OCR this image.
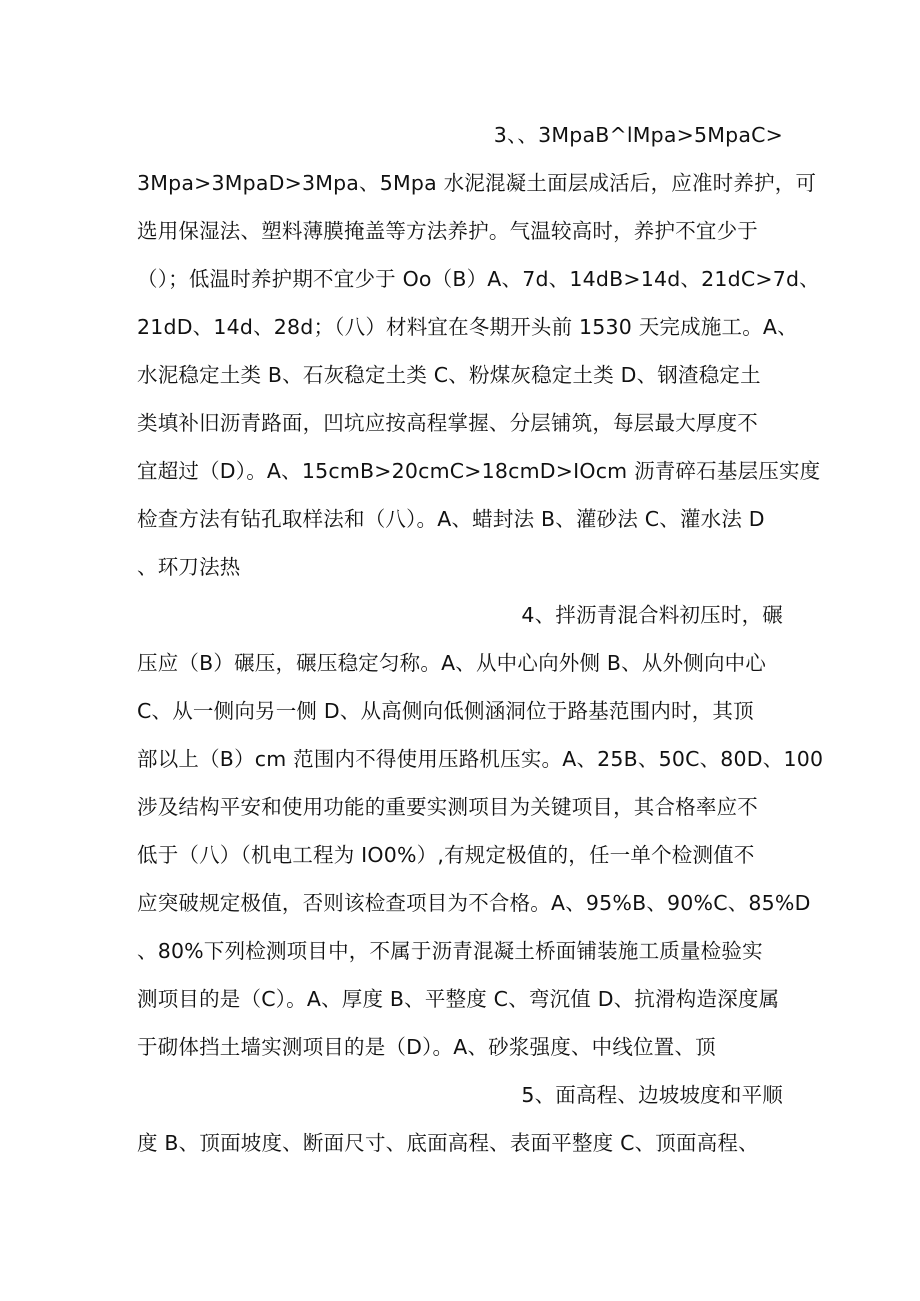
3、、3MpaB^lMpa>5MpaC>
3Mpa>3MpaD>3Mpa、5Mpa 水泥混凝土面层成活后，应准时养护，可
选用保湿法、塑料薄膜掩盖等方法养护。气温较高时，养护不宜少于
（）；低温时养护期不宜少于 Oo（B）A、7d、14dB>14d、21dC>7d、
21dD、14d、28d；（八）材料宜在冬期开头前 1530 天完成施工。A、
水泥稳定土类 B、石灰稳定土类 C、粉煤灰稳定土类 D、钢渣稳定土
类填补旧沥青路面，凹坑应按高程掌握、分层铺筑，每层最大厚度不
宜超过（D）。A、15cmB>20cmC>18cmD>IOcm 沥青碎石基层压实度
检查方法有钻孔取样法和（八）。A、蜡封法 B、灌砂法 C、灌水法 D
、环刀法热
4、拌沥青混合料初压时，碾
压应（B）碾压，碾压稳定匀称。A、从中心向外侧 B、从外侧向中心
C、从一侧向另一侧 D、从高侧向低侧涵洞位于路基范围内时，其顶
部以上（B）cm 范围内不得使用压路机压实。A、25B、50C、80D、100
涉及结构平安和使用功能的重要实测项目为关键项目，其合格率应不
低于（八）（机电工程为 IO0%）,有规定极值的，任一单个检测值不
应突破规定极值，否则该检查项目为不合格。A、95%B、90%C、85%D
、80%下列检测项目中，不属于沥青混凝土桥面铺装施工质量检验实
测项目的是（C）。A、厚度 B、平整度 C、弯沉值 D、抗滑构造深度属
于砌体挡土墙实测项目的是（D）。A、砂浆强度、中线位置、顶
5、面高程、边坡坡度和平顺
度 B、顶面坡度、断面尺寸、底面高程、表面平整度 C、顶面高程、
